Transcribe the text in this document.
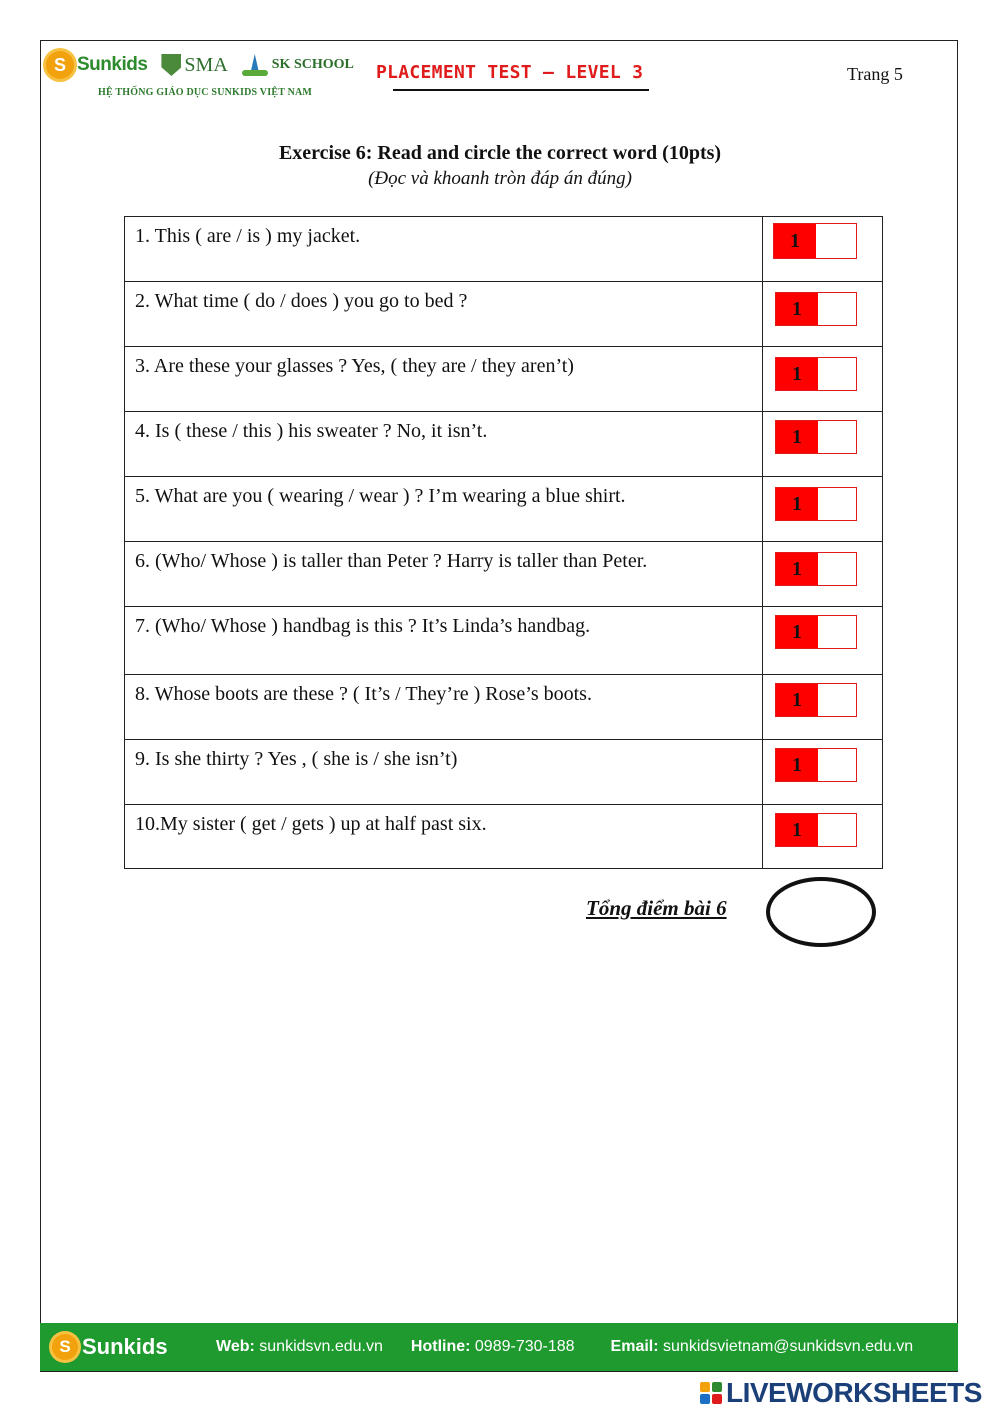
S Sunkids SMA	SK SCHOOL
HỆ THỐNG GIÁO DỤC SUNKIDS VIỆT NAM
PLACEMENT TEST – LEVEL 3	Trang 5
Exercise 6: Read and circle the correct word (10pts)
(Đọc và khoanh tròn đáp án đúng)
1. This ( are / is ) my jacket.	1

2. What time ( do / does ) you go to bed ?	1

3. Are these your glasses ? Yes, ( they are / they aren’t)	1

4. Is ( these / this ) his sweater ? No, it isn’t.	1

5. What are you ( wearing / wear ) ? I’m wearing a blue shirt.	1

6. (Who/ Whose ) is taller than Peter ? Harry is taller than Peter.	1

7. (Who/ Whose ) handbag is this ? It’s Linda’s handbag.	1

8. Whose boots are these ? ( It’s / They’re ) Rose’s boots.	1

9. Is she thirty ? Yes , ( she is / she isn’t)	1

10.My sister ( get / gets ) up at half past six.	1
Tổng điểm bài 6
S Sunkids	Web: sunkidsvn.edu.vn Hotline: 0989-730-188 Email: sunkidsvietnam@sunkidsvn.edu.vn
LIVEWORKSHEETS
